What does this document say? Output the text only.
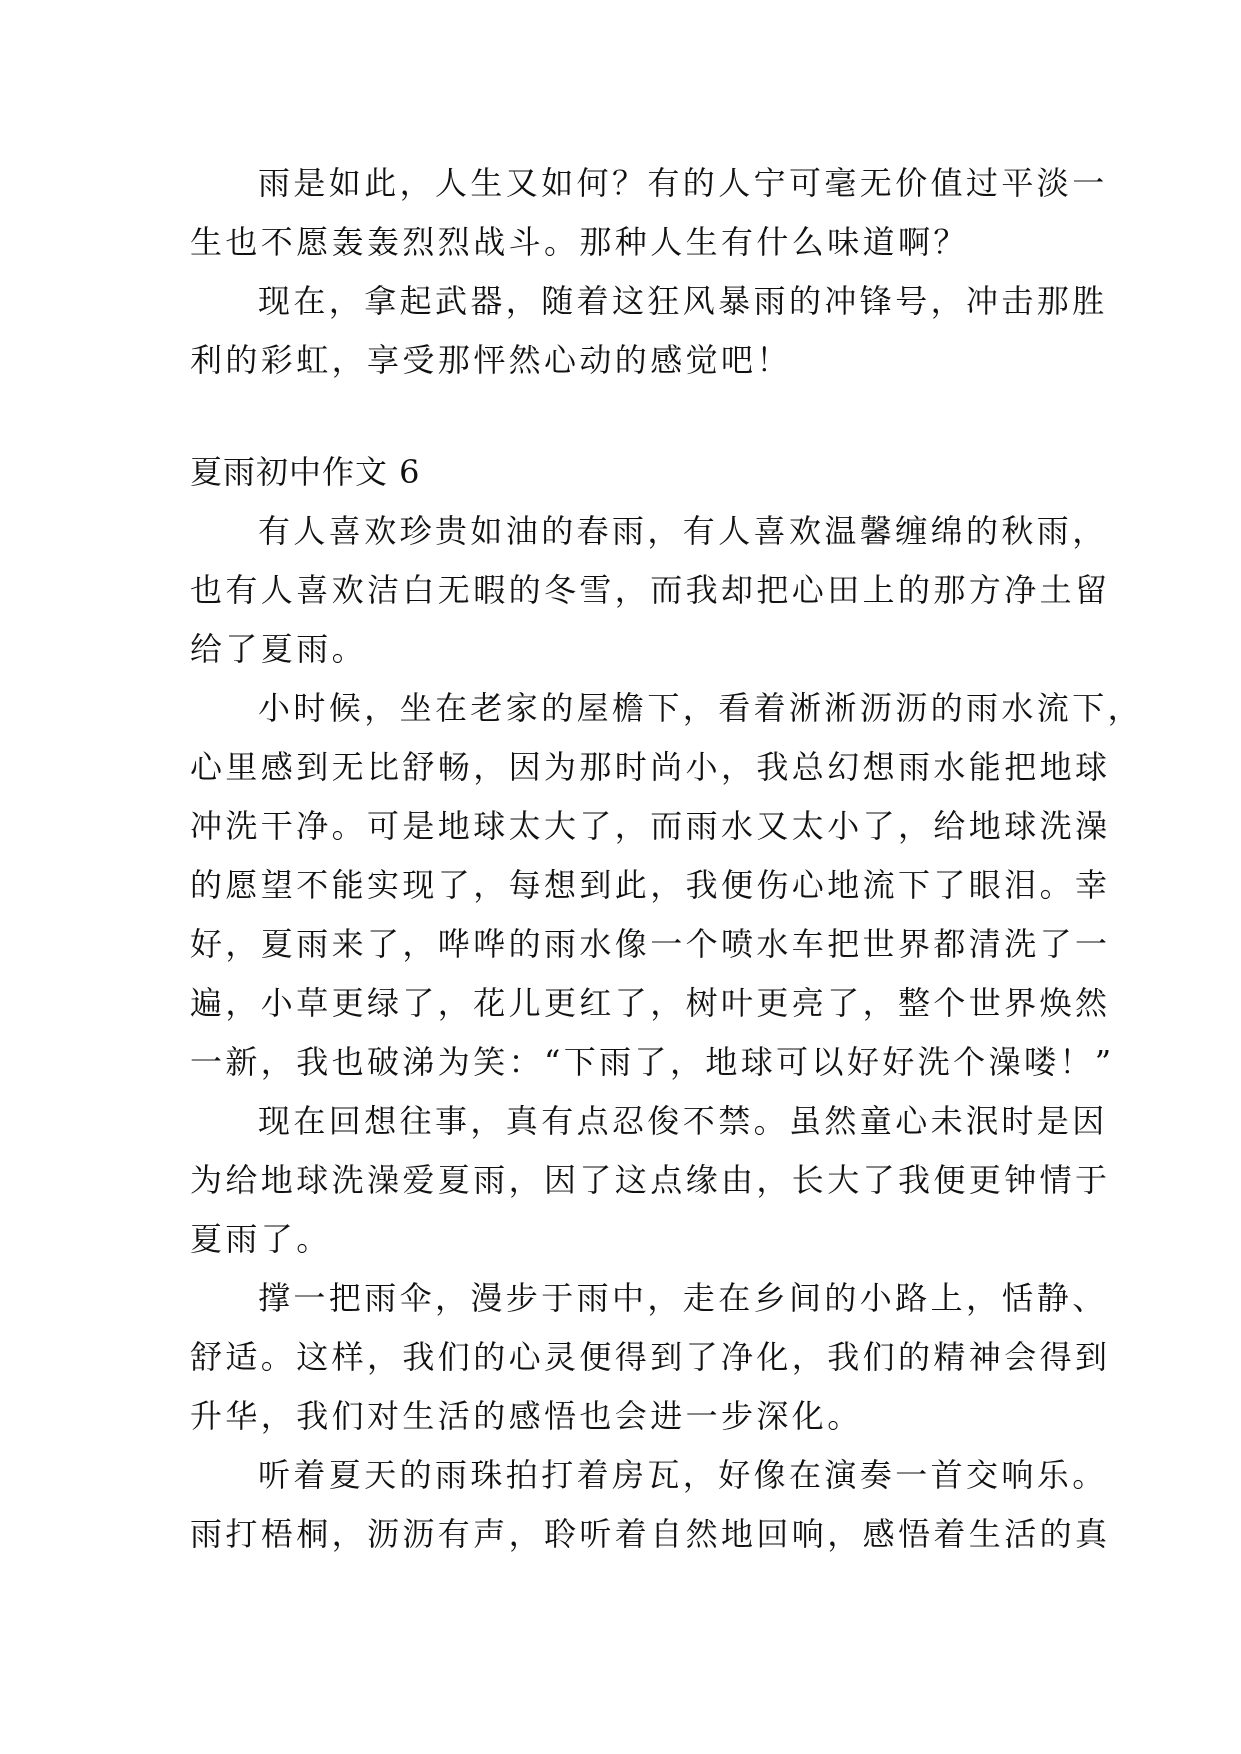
雨是如此，人生又如何？有的人宁可毫无价值过平淡一
生也不愿轰轰烈烈战斗。那种人生有什么味道啊？
现在，拿起武器，随着这狂风暴雨的冲锋号，冲击那胜
利的彩虹，享受那怦然心动的感觉吧！
夏雨初中作文 6
有人喜欢珍贵如油的春雨，有人喜欢温馨缠绵的秋雨，
也有人喜欢洁白无暇的冬雪，而我却把心田上的那方净土留
给了夏雨。
小时候，坐在老家的屋檐下，看着淅淅沥沥的雨水流下，
心里感到无比舒畅，因为那时尚小，我总幻想雨水能把地球
冲洗干净。可是地球太大了，而雨水又太小了，给地球洗澡
的愿望不能实现了，每想到此，我便伤心地流下了眼泪。幸
好，夏雨来了，哗哗的雨水像一个喷水车把世界都清洗了一
遍，小草更绿了，花儿更红了，树叶更亮了，整个世界焕然
一新，我也破涕为笑：“下雨了，地球可以好好洗个澡喽！”
现在回想往事，真有点忍俊不禁。虽然童心未泯时是因
为给地球洗澡爱夏雨，因了这点缘由，长大了我便更钟情于
夏雨了。
撑一把雨伞，漫步于雨中，走在乡间的小路上，恬静、
舒适。这样，我们的心灵便得到了净化，我们的精神会得到
升华，我们对生活的感悟也会进一步深化。
听着夏天的雨珠拍打着房瓦，好像在演奏一首交响乐。
雨打梧桐，沥沥有声，聆听着自然地回响，感悟着生活的真
